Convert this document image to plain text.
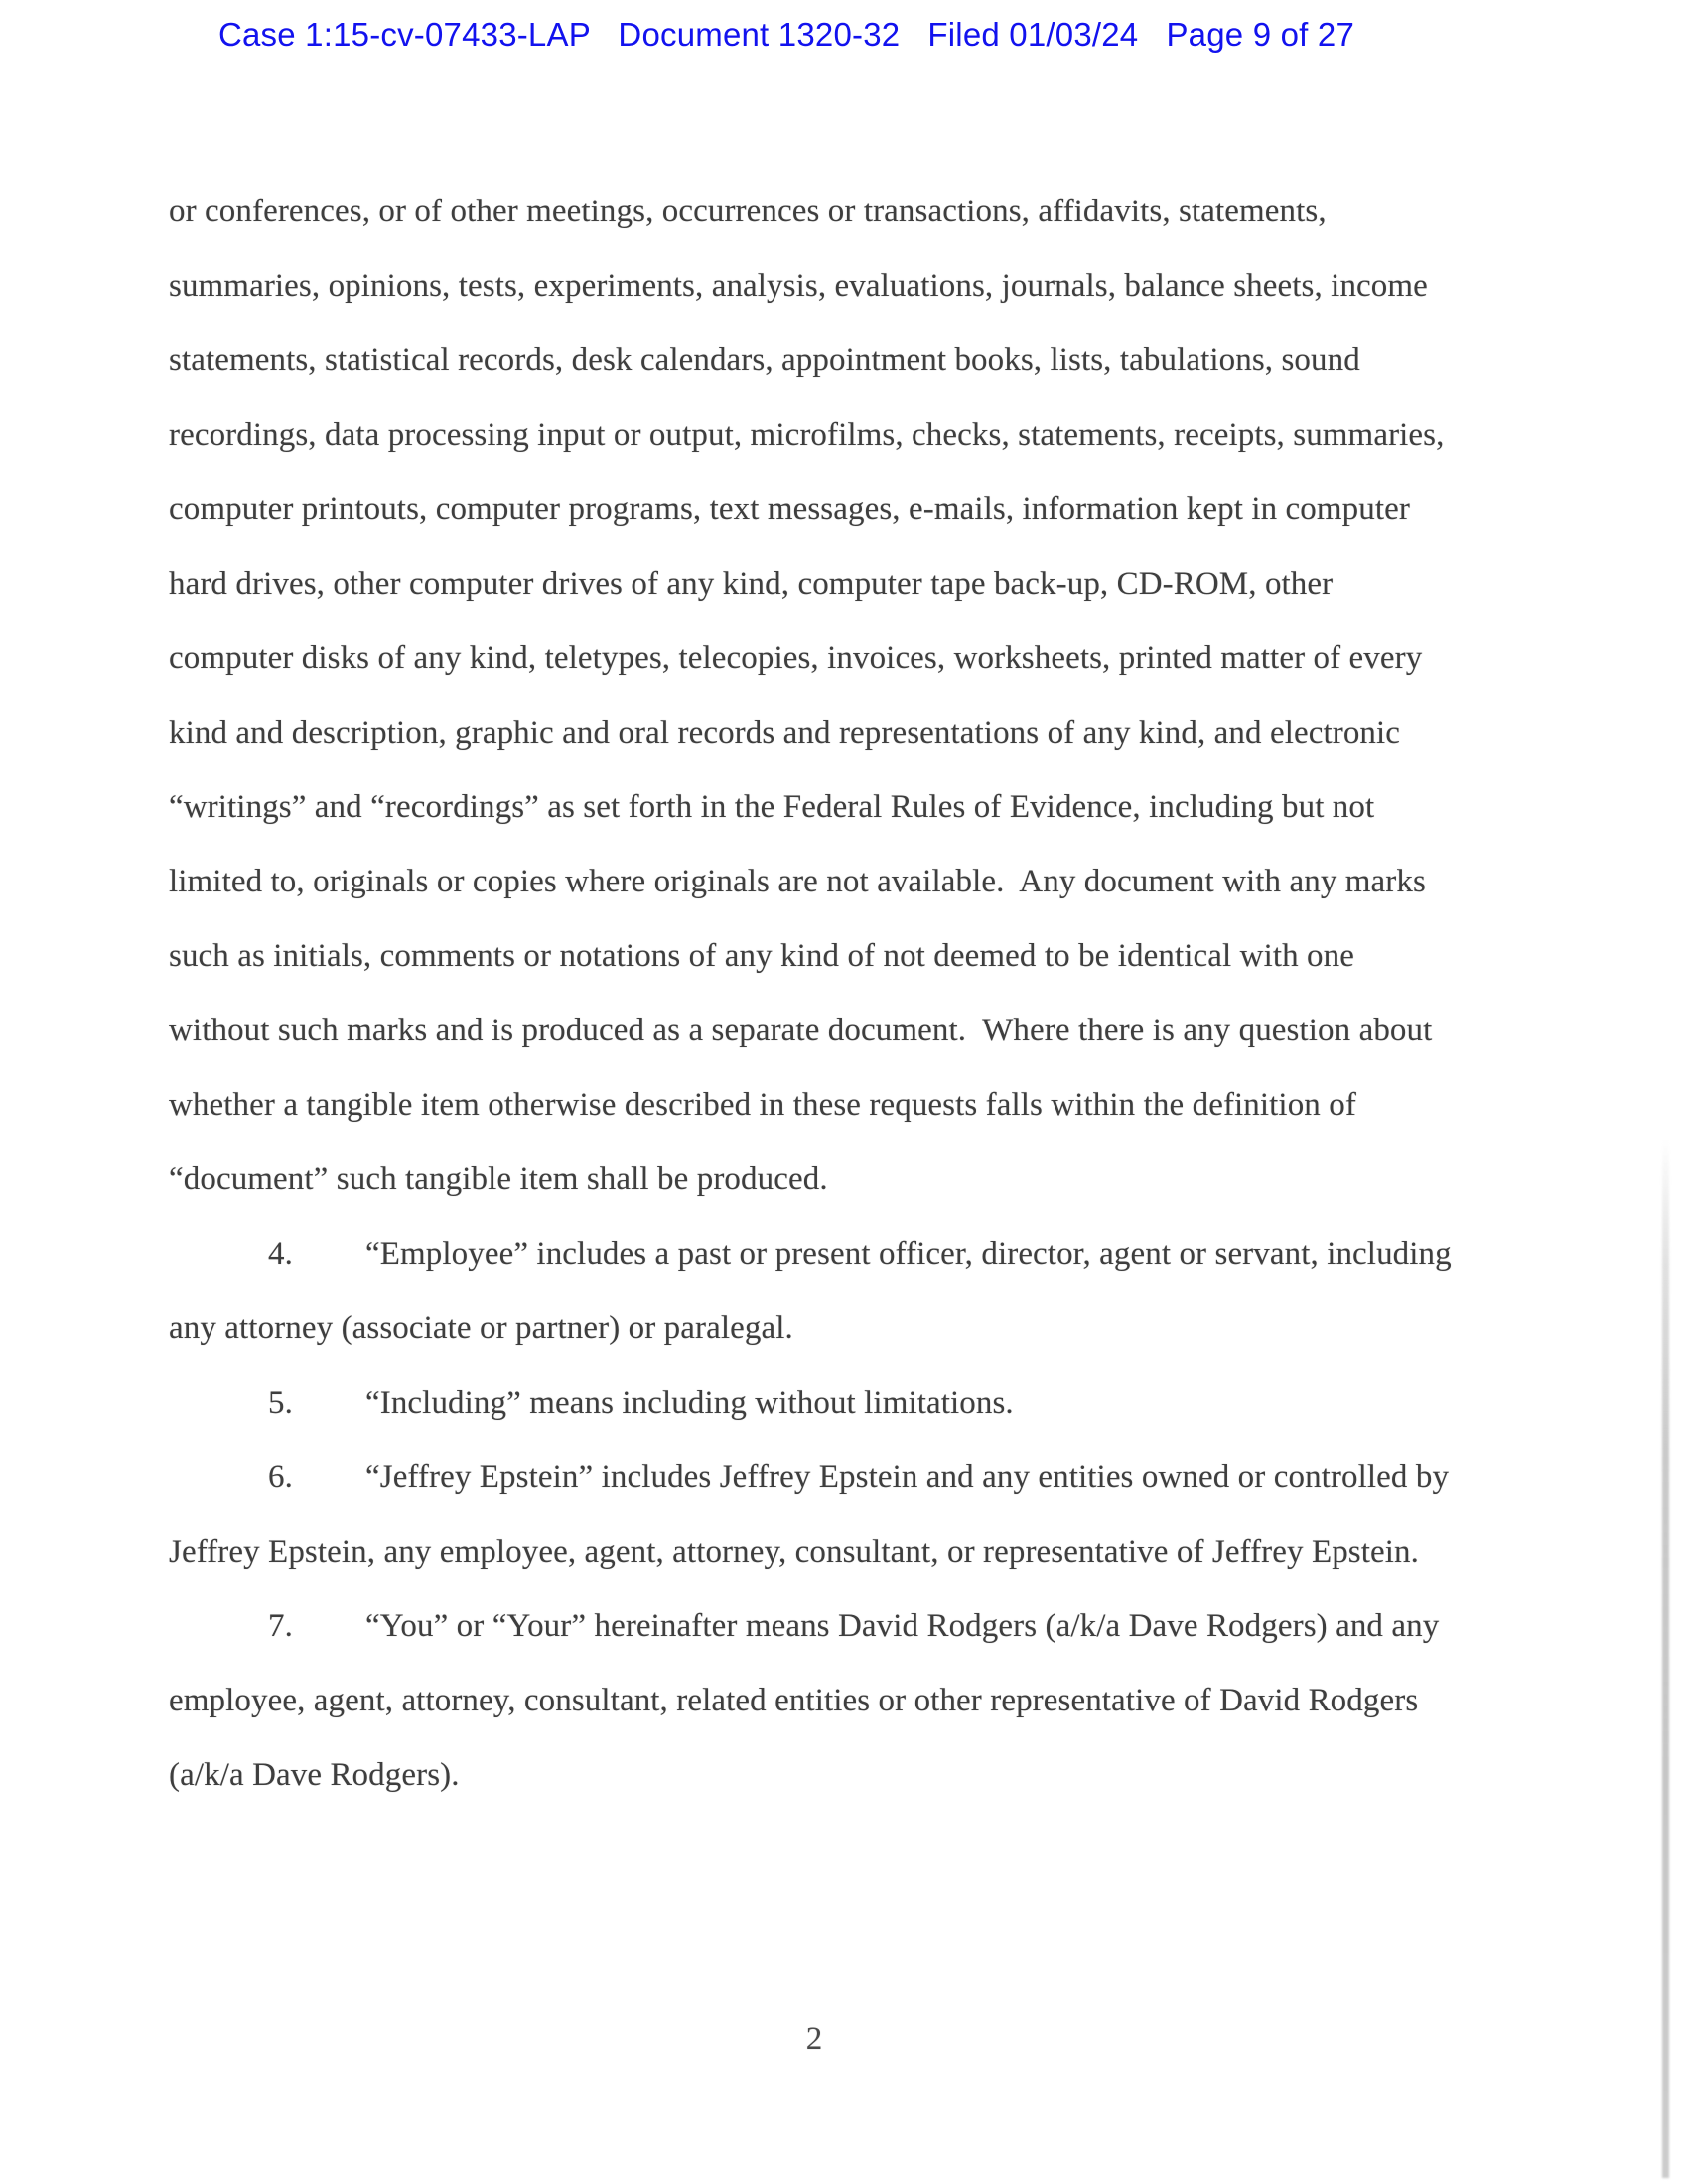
Case 1:15-cv-07433-LAP   Document 1320-32   Filed 01/03/24   Page 9 of 27
or conferences, or of other meetings, occurrences or transactions, affidavits, statements,
summaries, opinions, tests, experiments, analysis, evaluations, journals, balance sheets, income
statements, statistical records, desk calendars, appointment books, lists, tabulations, sound
recordings, data processing input or output, microfilms, checks, statements, receipts, summaries,
computer printouts, computer programs, text messages, e-mails, information kept in computer
hard drives, other computer drives of any kind, computer tape back-up, CD-ROM, other
computer disks of any kind, teletypes, telecopies, invoices, worksheets, printed matter of every
kind and description, graphic and oral records and representations of any kind, and electronic
“writings” and “recordings” as set forth in the Federal Rules of Evidence, including but not
limited to, originals or copies where originals are not available.  Any document with any marks
such as initials, comments or notations of any kind of not deemed to be identical with one
without such marks and is produced as a separate document.  Where there is any question about
whether a tangible item otherwise described in these requests falls within the definition of
“document” such tangible item shall be produced.
4. “Employee” includes a past or present officer, director, agent or servant, including
any attorney (associate or partner) or paralegal.
5. “Including” means including without limitations.
6. “Jeffrey Epstein” includes Jeffrey Epstein and any entities owned or controlled by
Jeffrey Epstein, any employee, agent, attorney, consultant, or representative of Jeffrey Epstein.
7. “You” or “Your” hereinafter means David Rodgers (a/k/a Dave Rodgers) and any
employee, agent, attorney, consultant, related entities or other representative of David Rodgers
(a/k/a Dave Rodgers).
2
